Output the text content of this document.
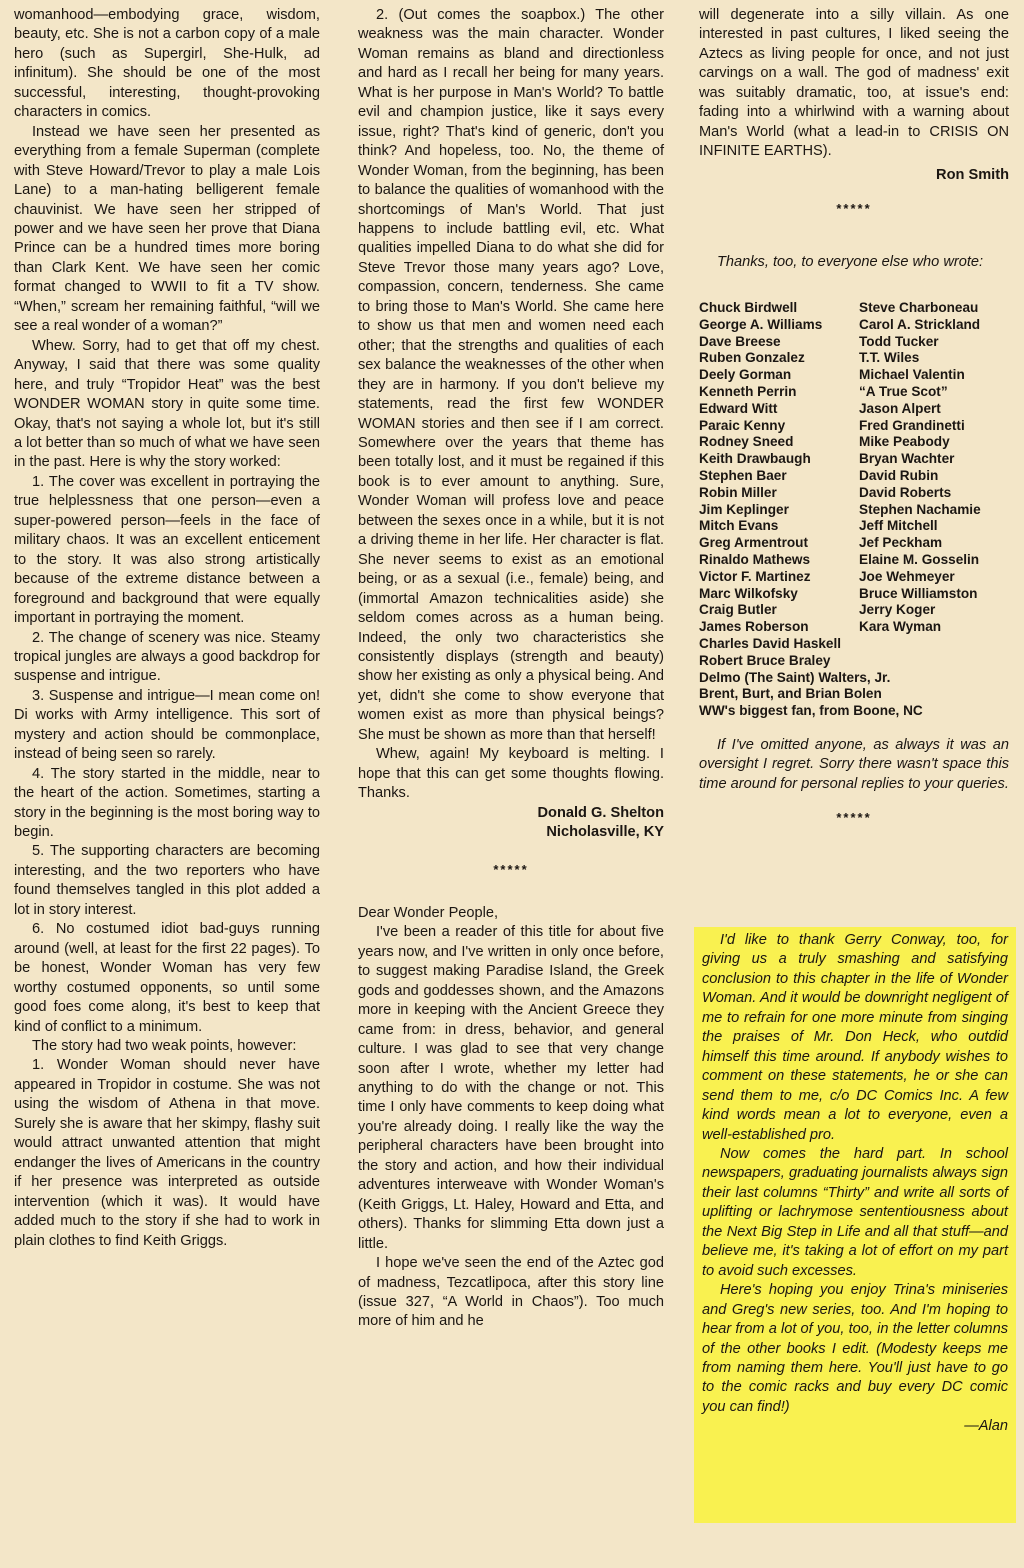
womanhood—embodying grace, wisdom, beauty, etc. She is not a carbon copy of a male hero (such as Supergirl, She-Hulk, ad infinitum). She should be one of the most successful, interesting, thought-provoking characters in comics.

Instead we have seen her presented as everything from a female Superman (complete with Steve Howard/Trevor to play a male Lois Lane) to a man-hating belligerent female chauvinist. We have seen her stripped of power and we have seen her prove that Diana Prince can be a hundred times more boring than Clark Kent. We have seen her comic format changed to WWII to fit a TV show. “When,” scream her remaining faithful, “will we see a real wonder of a woman?”

Whew. Sorry, had to get that off my chest. Anyway, I said that there was some quality here, and truly “Tropidor Heat” was the best WONDER WOMAN story in quite some time. Okay, that's not saying a whole lot, but it's still a lot better than so much of what we have seen in the past. Here is why the story worked:

1. The cover was excellent in portraying the true helplessness that one person—even a super-powered person—feels in the face of military chaos. It was an excellent enticement to the story. It was also strong artistically because of the extreme distance between a foreground and background that were equally important in portraying the moment.

2. The change of scenery was nice. Steamy tropical jungles are always a good backdrop for suspense and intrigue.

3. Suspense and intrigue—I mean come on! Di works with Army intelligence. This sort of mystery and action should be commonplace, instead of being seen so rarely.

4. The story started in the middle, near to the heart of the action. Sometimes, starting a story in the beginning is the most boring way to begin.

5. The supporting characters are becoming interesting, and the two reporters who have found themselves tangled in this plot added a lot in story interest.

6. No costumed idiot bad-guys running around (well, at least for the first 22 pages). To be honest, Wonder Woman has very few worthy costumed opponents, so until some good foes come along, it's best to keep that kind of conflict to a minimum.

The story had two weak points, however:

1. Wonder Woman should never have appeared in Tropidor in costume. She was not using the wisdom of Athena in that move. Surely she is aware that her skimpy, flashy suit would attract unwanted attention that might endanger the lives of Americans in the country if her presence was interpreted as outside intervention (which it was). It would have added much to the story if she had to work in plain clothes to find Keith Griggs.

2. (Out comes the soapbox.) The other weakness was the main character. Wonder Woman remains as bland and directionless and hard as I recall her being for many years. What is her purpose in Man's World? To battle evil and champion justice, like it says every issue, right? That's kind of generic, don't you think? And hopeless, too. No, the theme of Wonder Woman, from the beginning, has been to balance the qualities of womanhood with the shortcomings of Man's World. That just happens to include battling evil, etc. What qualities impelled Diana to do what she did for Steve Trevor those many years ago? Love, compassion, concern, tenderness. She came to bring those to Man's World. She came here to show us that men and women need each other; that the strengths and qualities of each sex balance the weaknesses of the other when they are in harmony. If you don't believe my statements, read the first few WONDER WOMAN stories and then see if I am correct. Somewhere over the years that theme has been totally lost, and it must be regained if this book is to ever amount to anything. Sure, Wonder Woman will profess love and peace between the sexes once in a while, but it is not a driving theme in her life. Her character is flat. She never seems to exist as an emotional being, or as a sexual (i.e., female) being, and (immortal Amazon technicalities aside) she seldom comes across as a human being. Indeed, the only two characteristics she consistently displays (strength and beauty) show her existing as only a physical being. And yet, didn't she come to show everyone that women exist as more than physical beings? She must be shown as more than that herself!

Whew, again! My keyboard is melting. I hope that this can get some thoughts flowing. Thanks.

Donald G. Shelton

Nicholasville, KY

*****

Dear Wonder People,

I've been a reader of this title for about five years now, and I've written in only once before, to suggest making Paradise Island, the Greek gods and goddesses shown, and the Amazons more in keeping with the Ancient Greece they came from: in dress, behavior, and general culture. I was glad to see that very change soon after I wrote, whether my letter had anything to do with the change or not. This time I only have comments to keep doing what you're already doing. I really like the way the peripheral characters have been brought into the story and action, and how their individual adventures interweave with Wonder Woman's (Keith Griggs, Lt. Haley, Howard and Etta, and others). Thanks for slimming Etta down just a little.

I hope we've seen the end of the Aztec god of madness, Tezcatlipoca, after this story line (issue 327, “A World in Chaos”). Too much more of him and he

will degenerate into a silly villain. As one interested in past cultures, I liked seeing the Aztecs as living people for once, and not just carvings on a wall. The god of madness' exit was suitably dramatic, too, at issue's end: fading into a whirlwind with a warning about Man's World (what a lead-in to CRISIS ON INFINITE EARTHS).

Ron Smith

*****

Thanks, too, to everyone else who wrote:

Chuck Birdwell	Steve Charboneau
George A. Williams	Carol A. Strickland
Dave Breese	Todd Tucker
Ruben Gonzalez	T.T. Wiles
Deely Gorman	Michael Valentin
Kenneth Perrin	“A True Scot”
Edward Witt	Jason Alpert
Paraic Kenny	Fred Grandinetti
Rodney Sneed	Mike Peabody
Keith Drawbaugh	Bryan Wachter
Stephen Baer	David Rubin
Robin Miller	David Roberts
Jim Keplinger	Stephen Nachamie
Mitch Evans	Jeff Mitchell
Greg Armentrout	Jef Peckham
Rinaldo Mathews	Elaine M. Gosselin
Victor F. Martinez	Joe Wehmeyer
Marc Wilkofsky	Bruce Williamston
Craig Butler	Jerry Koger
James Roberson	Kara Wyman
Charles David Haskell
Robert Bruce Braley
Delmo (The Saint) Walters, Jr.
Brent, Burt, and Brian Bolen
WW's biggest fan, from Boone, NC

If I've omitted anyone, as always it was an oversight I regret. Sorry there wasn't space this time around for personal replies to your queries.

*****

I'd like to thank Gerry Conway, too, for giving us a truly smashing and satisfying conclusion to this chapter in the life of Wonder Woman. And it would be downright negligent of me to refrain for one more minute from singing the praises of Mr. Don Heck, who outdid himself this time around. If anybody wishes to comment on these statements, he or she can send them to me, c/o DC Comics Inc. A few kind words mean a lot to everyone, even a well-established pro.

Now comes the hard part. In school newspapers, graduating journalists always sign their last columns “Thirty” and write all sorts of uplifting or lachrymose sententiousness about the Next Big Step in Life and all that stuff—and believe me, it's taking a lot of effort on my part to avoid such excesses.

Here's hoping you enjoy Trina's miniseries and Greg's new series, too. And I'm hoping to hear from a lot of you, too, in the letter columns of the other books I edit. (Modesty keeps me from naming them here. You'll just have to go to the comic racks and buy every DC comic you can find!)

—Alan
